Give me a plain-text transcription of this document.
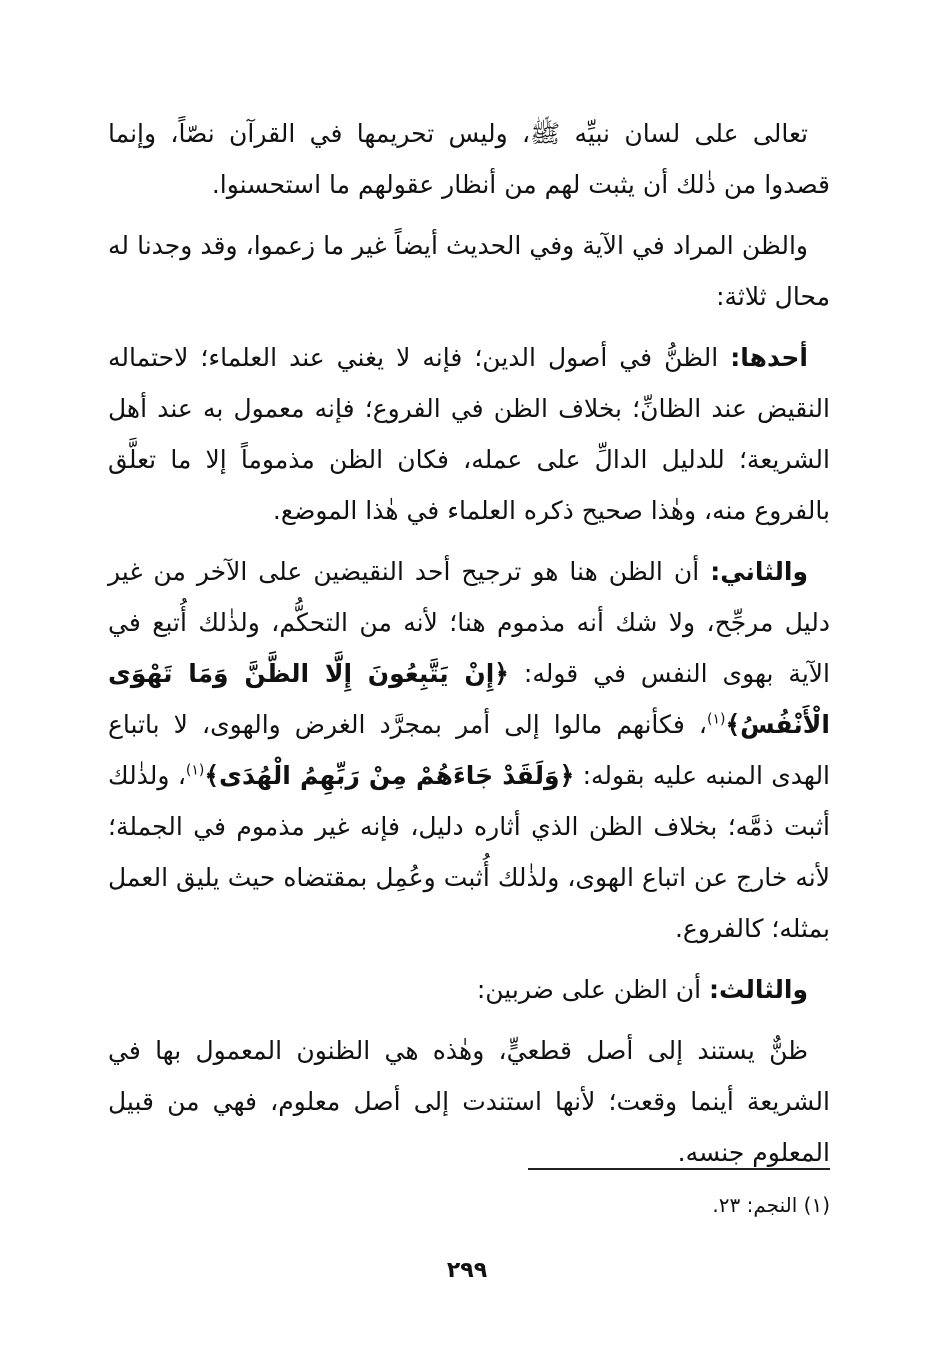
تعالى على لسان نبيِّه ﷺ، وليس تحريمها في القرآن نصّاً، وإنما قصدوا من ذٰلك أن يثبت لهم من أنظار عقولهم ما استحسنوا.

والظن المراد في الآية وفي الحديث أيضاً غير ما زعموا، وقد وجدنا له محال ثلاثة:

أحدها: الظنُّ في أصول الدين؛ فإنه لا يغني عند العلماء؛ لاحتماله النقيض عند الظانِّ؛ بخلاف الظن في الفروع؛ فإنه معمول به عند أهل الشريعة؛ للدليل الدالِّ على عمله، فكان الظن مذموماً إلا ما تعلَّق بالفروع منه، وهٰذا صحيح ذكره العلماء في هٰذا الموضع.

والثاني: أن الظن هنا هو ترجيح أحد النقيضين على الآخر من غير دليل مرجِّح، ولا شك أنه مذموم هنا؛ لأنه من التحكُّم، ولذٰلك أُتبع في الآية بهوى النفس في قوله: ﴿إِنْ يَتَّبِعُونَ إِلَّا الظَّنَّ وَمَا تَهْوَى الْأَنْفُسُ﴾$^{(١)}$، فكأنهم مالوا إلى أمر بمجرَّد الغرض والهوى، لا باتباع الهدى المنبه عليه بقوله: ﴿وَلَقَدْ جَاءَهُمْ مِنْ رَبِّهِمُ الْهُدَى﴾$^{(١)}$، ولذٰلك أثبت ذمَّه؛ بخلاف الظن الذي أثاره دليل، فإنه غير مذموم في الجملة؛ لأنه خارج عن اتباع الهوى، ولذٰلك أُثبت وعُمِل بمقتضاه حيث يليق العمل بمثله؛ كالفروع.

والثالث: أن الظن على ضربين:

ظنٌّ يستند إلى أصل قطعيٍّ، وهٰذه هي الظنون المعمول بها في الشريعة أينما وقعت؛ لأنها استندت إلى أصل معلوم، فهي من قبيل المعلوم جنسه.

(١) النجم: ٢٣.
٢٩٩
